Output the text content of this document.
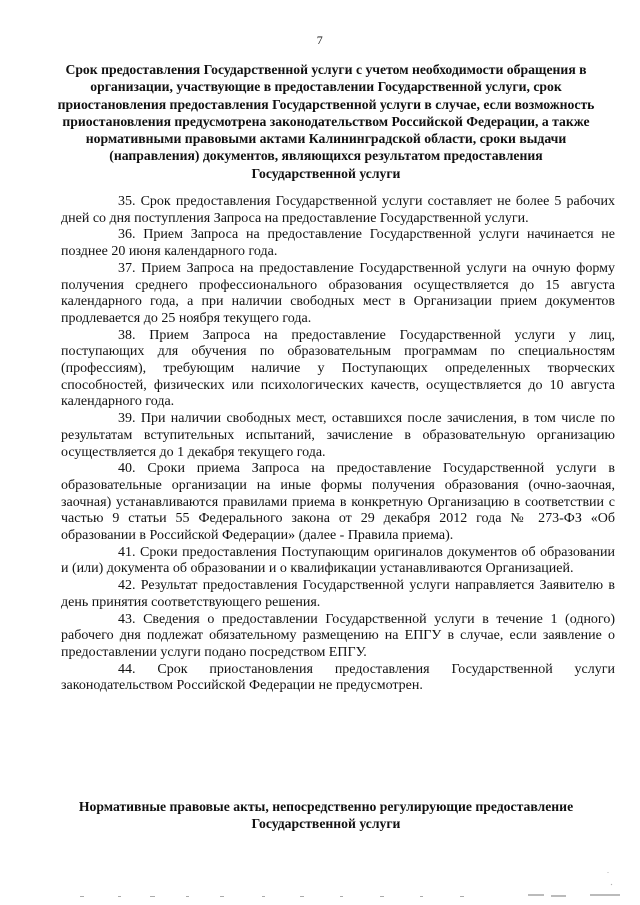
7
Срок предоставления Государственной услуги с учетом необходимости обращения в организации, участвующие в предоставлении Государственной услуги, срок приостановления предоставления Государственной услуги в случае, если возможность приостановления предусмотрена законодательством Российской Федерации, а также нормативными правовыми актами Калининградской области, сроки выдачи (направления) документов, являющихся результатом предоставления Государственной услуги

35. Срок предоставления Государственной услуги составляет не более 5 рабочих дней со дня поступления Запроса на предоставление Государственной услуги.

36. Прием Запроса на предоставление Государственной услуги начинается не позднее 20 июня календарного года.

37. Прием Запроса на предоставление Государственной услуги на очную форму получения среднего профессионального образования осуществляется до 15 августа календарного года, а при наличии свободных мест в Организации прием документов продлевается до 25 ноября текущего года.

38. Прием Запроса на предоставление Государственной услуги у лиц, поступающих для обучения по образовательным программам по специальностям (профессиям), требующим наличие у Поступающих определенных творческих способностей, физических или психологических качеств, осуществляется до 10 августа календарного года.

39. При наличии свободных мест, оставшихся после зачисления, в том числе по результатам вступительных испытаний, зачисление в образовательную организацию осуществляется до 1 декабря текущего года.

40. Сроки приема Запроса на предоставление Государственной услуги в образовательные организации на иные формы получения образования (очно-заочная, заочная) устанавливаются правилами приема в конкретную Организацию в соответствии с частью 9 статьи 55 Федерального закона от 29 декабря 2012 года № 273-ФЗ «Об образовании в Российской Федерации» (далее - Правила приема).

41. Сроки предоставления Поступающим оригиналов документов об образовании и (или) документа об образовании и о квалификации устанавливаются Организацией.

42. Результат предоставления Государственной услуги направляется Заявителю в день принятия соответствующего решения.

43. Сведения о предоставлении Государственной услуги в течение 1 (одного) рабочего дня подлежат обязательному размещению на ЕПГУ в случае, если заявление о предоставлении услуги подано посредством ЕПГУ.

44. Срок приостановления предоставления Государственной услуги законодательством Российской Федерации не предусмотрен.

Нормативные правовые акты, непосредственно регулирующие предоставление Государственной услуги
